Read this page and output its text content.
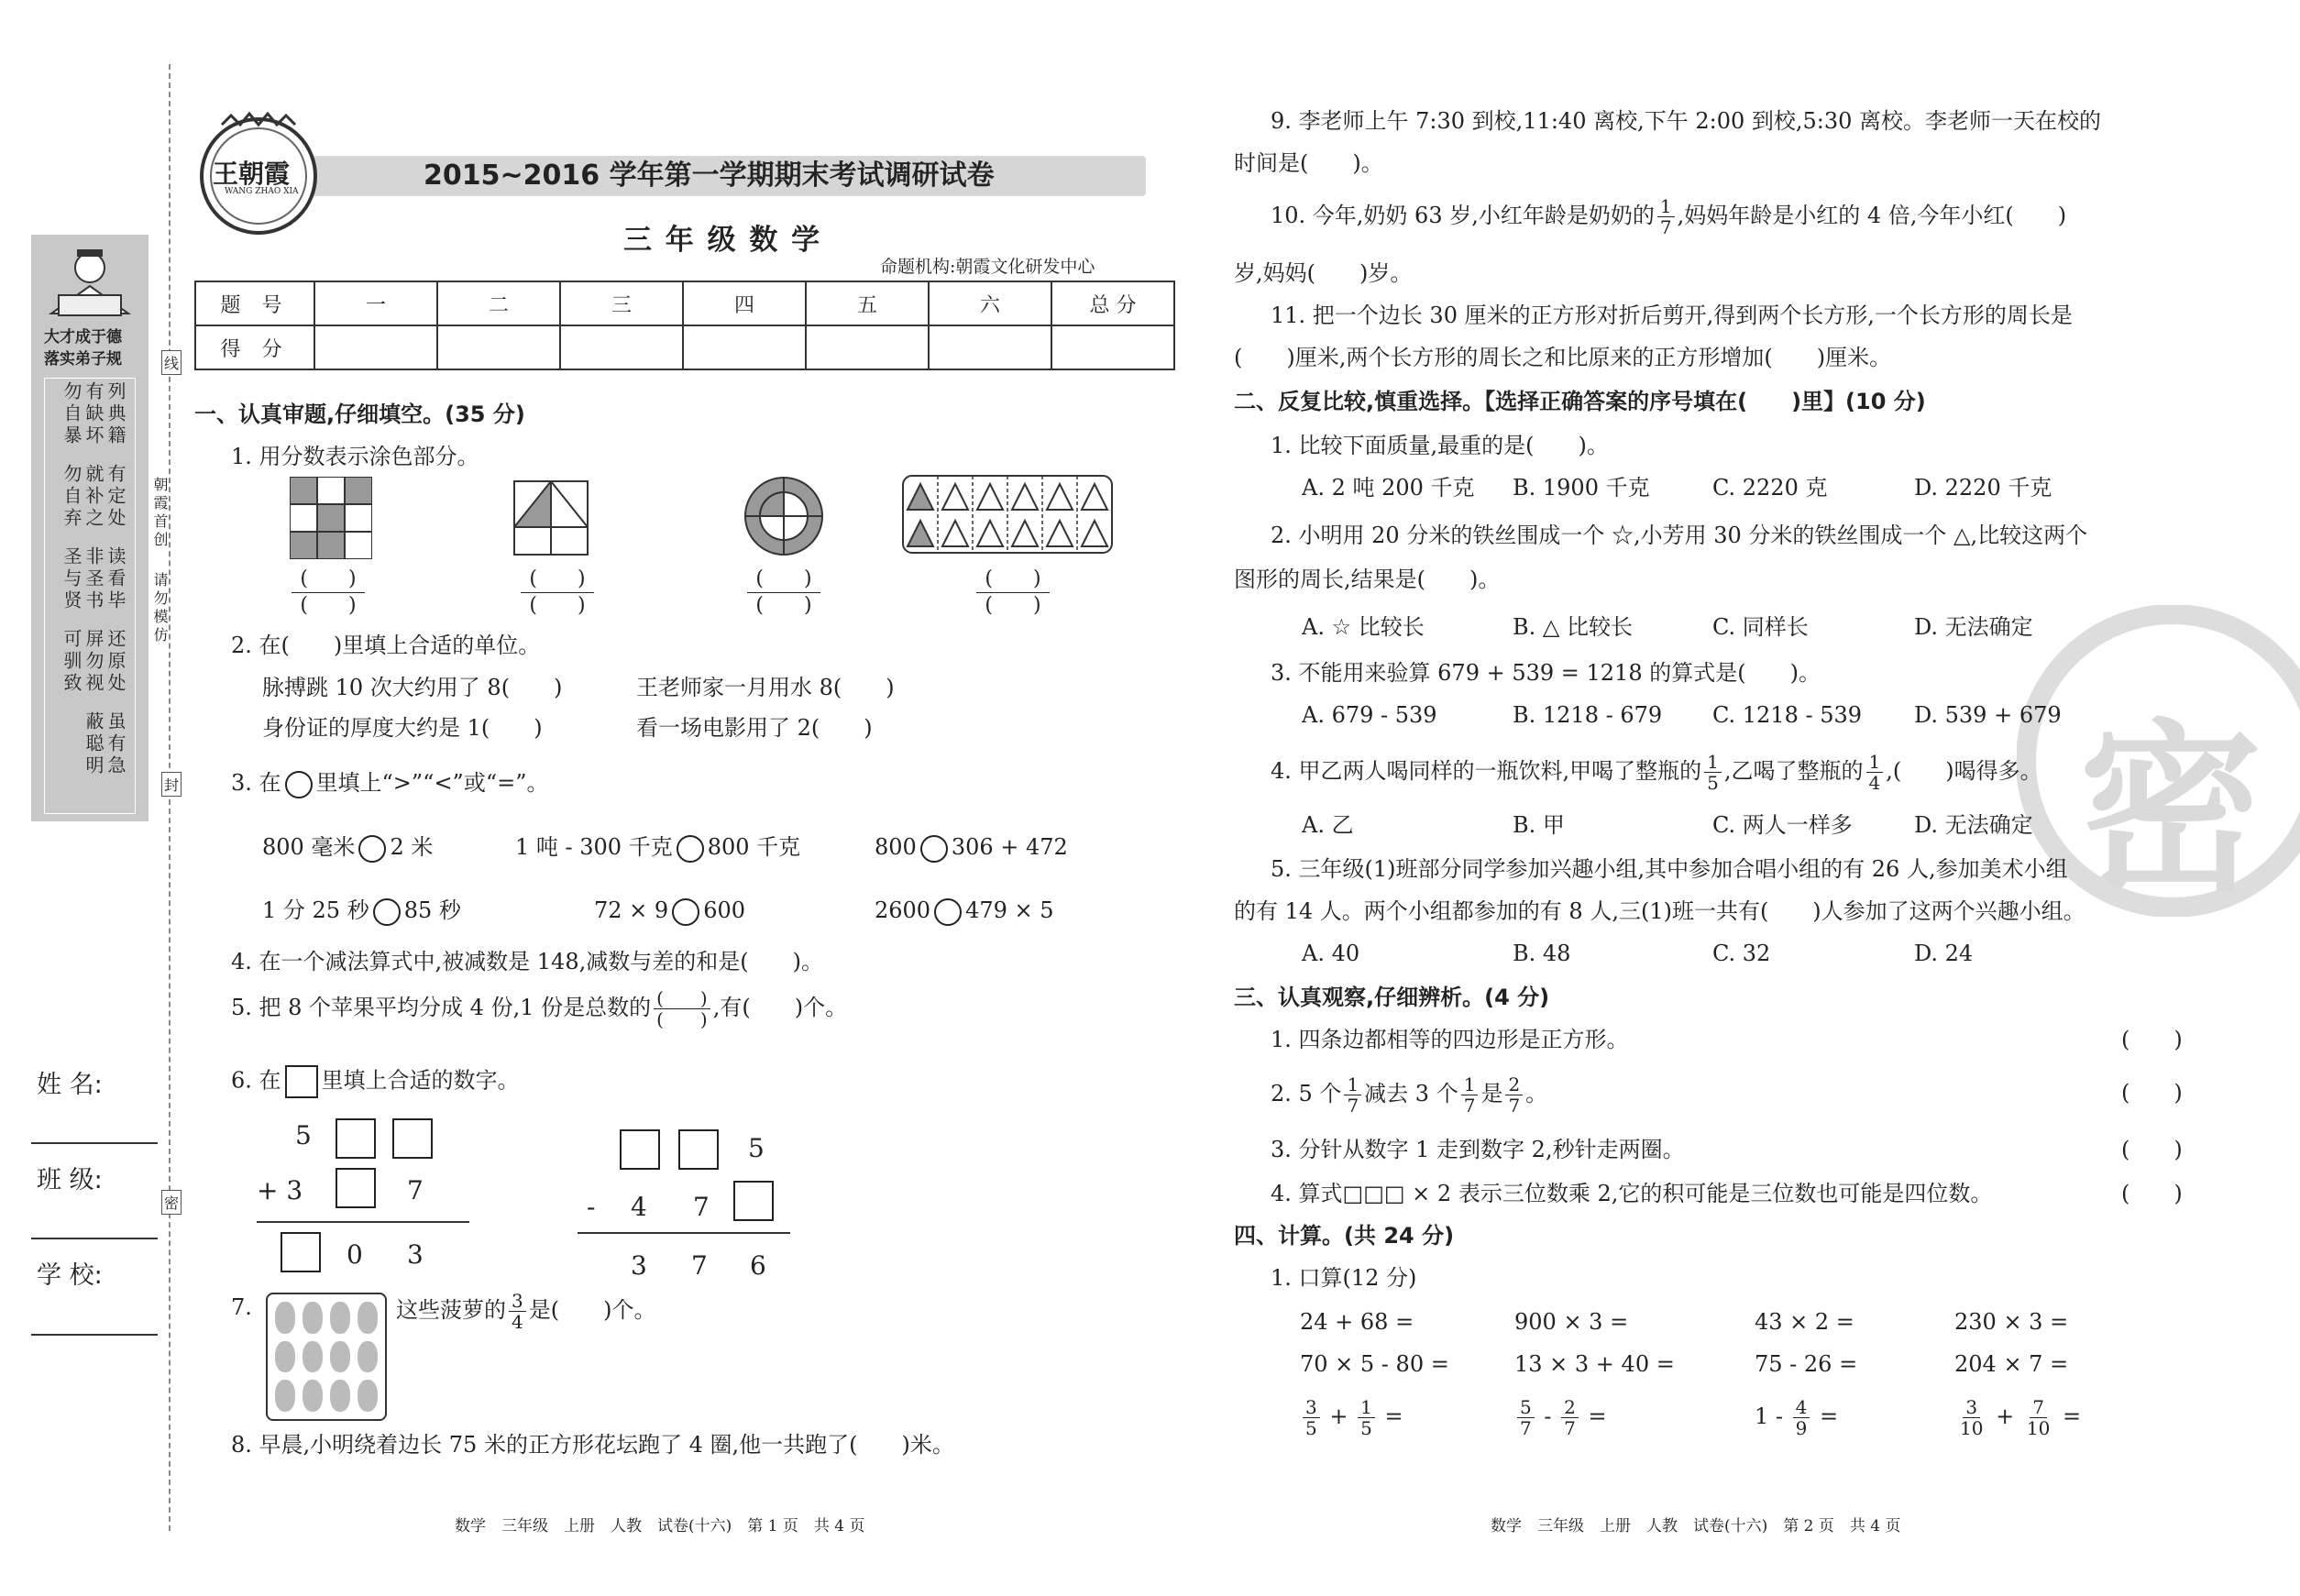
大才成于德
落实弟子规
列典籍
有缺坏
勿自暴
有定处
就补之
勿自弃
读看毕
非圣书
圣与贤
还原处
屏勿视
可驯致
虽有急
蔽聪明
朝霞首创
请勿模仿
线
封
密
姓 名:
班 级:
学 校:
王朝霞
WANG ZHAO XIA	2015~2016 学年第一学期期末考试调研试卷
三 年 级 数 学
命题机构:朝霞文化研发中心
题 号	一	二	三	四	五	六	总 分
得 分							
一、认真审题,仔细填空。(35 分)
1. 用分数表示涂色部分。
(　　)
(　　)
(　　)
(　　)
(　　)
(　　)
(　　)
(　　)
2. 在(　　)里填上合适的单位。
脉搏跳 10 次大约用了 8(　　)	王老师家一月用水 8(　　)
身份证的厚度大约是 1(　　)	看一场电影用了 2(　　)
3. 在 里填上“>”“<”或“=”。
800 毫米 2 米	1 吨 - 300 千克 800 千克	800 306 + 472
1 分 25 秒 85 秒	72 × 9 600	2600 479 × 5
4. 在一个减法算式中,被减数是 148,减数与差的和是(　　)。
5. 把 8 个苹果平均分成 4 份,1 份是总数的 $\frac{( )}{( )}$ ,有(　　)个。
6. 在 里填上合适的数字。
5
+ 3	7
0 3
5
- 4 7
3 7 6
7.	这些菠萝的 $\frac{3}{4}$ 是(　　)个。
8. 早晨,小明绕着边长 75 米的正方形花坛跑了 4 圈,他一共跑了(　　)米。
数学　三年级　上册　人教　试卷(十六)　第 1 页　共 4 页
密
9. 李老师上午 7:30 到校,11:40 离校,下午 2:00 到校,5:30 离校。李老师一天在校的
时间是(　　)。
10. 今年,奶奶 63 岁,小红年龄是奶奶的 $\frac{1}{7}$ ,妈妈年龄是小红的 4 倍,今年小红(　　)
岁,妈妈(　　)岁。
11. 把一个边长 30 厘米的正方形对折后剪开,得到两个长方形,一个长方形的周长是
(　　)厘米,两个长方形的周长之和比原来的正方形增加(　　)厘米。
二、反复比较,慎重选择。【选择正确答案的序号填在(　　)里】(10 分)
1. 比较下面质量,最重的是(　　)。
A. 2 吨 200 千克 B. 1900 千克	C. 2220 克	D. 2220 千克
2. 小明用 20 分米的铁丝围成一个 ☆,小芳用 30 分米的铁丝围成一个 △,比较这两个
图形的周长,结果是(　　)。
A. ☆ 比较长	B. △ 比较长	C. 同样长	D. 无法确定
3. 不能用来验算 679 + 539 = 1218 的算式是(　　)。
A. 679 - 539	B. 1218 - 679 C. 1218 - 539 D. 539 + 679
4. 甲乙两人喝同样的一瓶饮料,甲喝了整瓶的 $\frac{1}{5}$ ,乙喝了整瓶的 $\frac{1}{4}$ ,(　　)喝得多。
A. 乙	B. 甲	C. 两人一样多	D. 无法确定
5. 三年级(1)班部分同学参加兴趣小组,其中参加合唱小组的有 26 人,参加美术小组
的有 14 人。两个小组都参加的有 8 人,三(1)班一共有(　　)人参加了这两个兴趣小组。
A. 40	B. 48	C. 32	D. 24
三、认真观察,仔细辨析。(4 分)
1. 四条边都相等的四边形是正方形。	(　　)
2. 5 个 $\frac{1}{7}$ 减去 3 个 $\frac{1}{7}$ 是 $\frac{2}{7}$ 。	(　　)
3. 分针从数字 1 走到数字 2,秒针走两圈。	(　　)
4. 算式□□□ × 2 表示三位数乘 2,它的积可能是三位数也可能是四位数。	(　　)
四、计算。(共 24 分)
1. 口算(12 分)
24 + 68 =	900 × 3 =	43 × 2 =	230 × 3 =
70 × 5 - 80 =	13 × 3 + 40 =	75 - 26 =	204 × 7 =
$\frac{3}{5} + \frac{1}{5}$ =	$\frac{5}{7} - \frac{2}{7}$ =	$1 - \frac{4}{9}$ =	$\frac{3}{10} + \frac{7}{10}$ =
数学　三年级　上册　人教　试卷(十六)　第 2 页　共 4 页
